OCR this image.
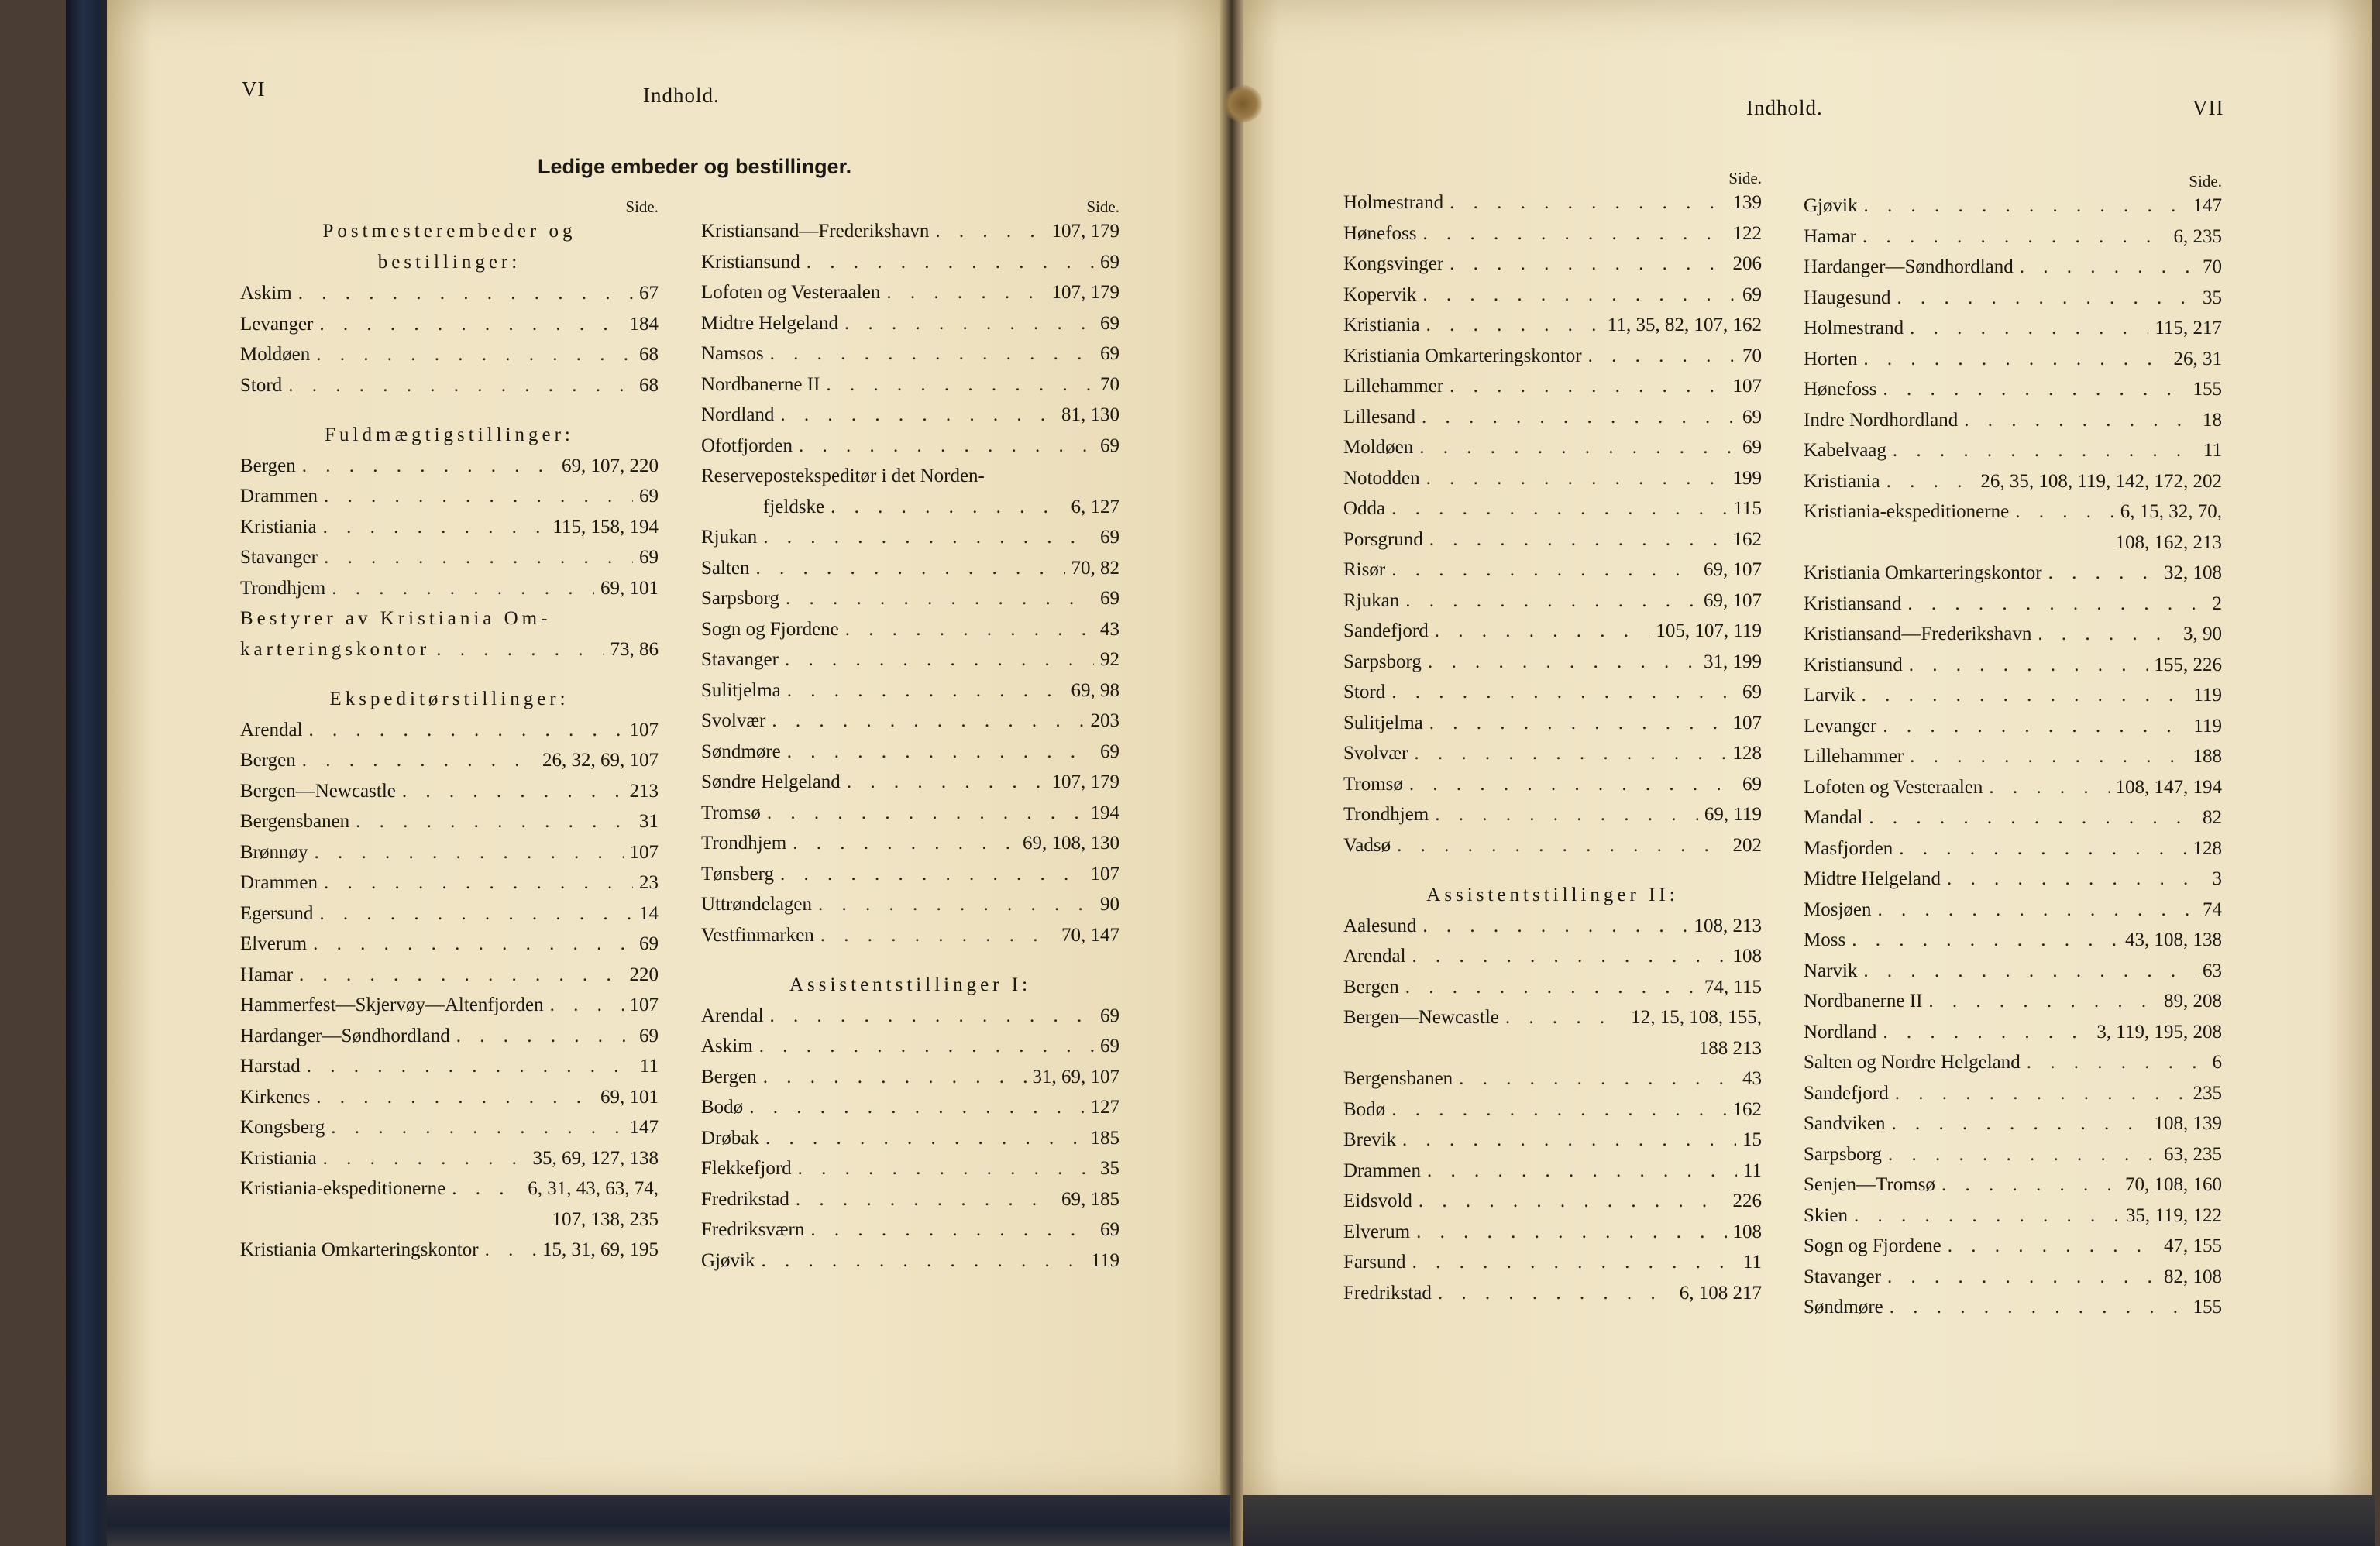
VI	Indhold.
Ledige embeder og bestillinger.
Side.
Postmesterembeder og bestillinger:
Askim . . .	67
Levanger . . .	184
Moldøen . . .	68
Stord . . .	68
Fuldmægtigstillinger:
Bergen . . .	69, 107, 220
Drammen . . .	69
Kristiania . . .	115, 158, 194
Stavanger . . .	69
Trondhjem . . .	69, 101
Bestyrer av Kristiania Om-
karteringskontor . . .	73, 86
Ekspeditørstillinger:
Arendal . . .	107
Bergen . . .	26, 32, 69, 107
Bergen—Newcastle . . .	213
Bergensbanen . . .	31
Brønnøy . . .	107
Drammen . . .	23
Egersund . . .	14
Elverum . . .	69
Hamar . . .	220
Hammerfest—Skjervøy—Altenfjorden . . .	107
Hardanger—Søndhordland . . .	69
Harstad . . .	11
Kirkenes . . .	69, 101
Kongsberg . . .	147
Kristiania . . .	35, 69, 127, 138
Kristiania-ekspeditionerne . . .	6, 31, 43, 63, 74,
107, 138, 235
Kristiania Omkarteringskontor . . .	15, 31, 69, 195
Side.
Kristiansand—Frederikshavn . . .	107, 179
Kristiansund . . .	69
Lofoten og Vesteraalen . . .	107, 179
Midtre Helgeland . . .	69
Namsos . . .	69
Nordbanerne II . . .	70
Nordland . . .	81, 130
Ofotfjorden . . .	69
Reservepostekspeditør i det Norden-
fjeldske . . .	6, 127
Rjukan . . .	69
Salten . . .	70, 82
Sarpsborg . . .	69
Sogn og Fjordene . . .	43
Stavanger . . .	92
Sulitjelma . . .	69, 98
Svolvær . . .	203
Søndmøre . . .	69
Søndre Helgeland . . .	107, 179
Tromsø . . .	194
Trondhjem . . .	69, 108, 130
Tønsberg . . .	107
Uttrøndelagen . . .	90
Vestfinmarken . . .	70, 147
Assistentstillinger I:
Arendal . . .	69
Askim . . .	69
Bergen . . .	31, 69, 107
Bodø . . .	127
Drøbak . . .	185
Flekkefjord . . .	35
Fredrikstad . . .	69, 185
Fredriksværn . . .	69
Gjøvik . . .	119
Indhold.	VII
Side.
Holmestrand . . .	139
Hønefoss . . .	122
Kongsvinger . . .	206
Kopervik . . .	69
Kristiania . . .	11, 35, 82, 107, 162
Kristiania Omkarteringskontor . . .	70
Lillehammer . . .	107
Lillesand . . .	69
Moldøen . . .	69
Notodden . . .	199
Odda . . .	115
Porsgrund . . .	162
Risør . . .	69, 107
Rjukan . . .	69, 107
Sandefjord . . .	105, 107, 119
Sarpsborg . . .	31, 199
Stord . . .	69
Sulitjelma . . .	107
Svolvær . . .	128
Tromsø . . .	69
Trondhjem . . .	69, 119
Vadsø . . .	202
Assistentstillinger II:
Aalesund . . .	108, 213
Arendal . . .	108
Bergen . . .	74, 115
Bergen—Newcastle . . .	12, 15, 108, 155,
188 213
Bergensbanen . . .	43
Bodø . . .	162
Brevik . . .	15
Drammen . . .	11
Eidsvold . . .	226
Elverum . . .	108
Farsund . . .	11
Fredrikstad . . .	6, 108 217
Side.
Gjøvik . . .	147
Hamar . . .	6, 235
Hardanger—Søndhordland . . .	70
Haugesund . . .	35
Holmestrand . . .	115, 217
Horten . . .	26, 31
Hønefoss . . .	155
Indre Nordhordland . . .	18
Kabelvaag . . .	11
Kristiania . . .	26, 35, 108, 119, 142, 172, 202
Kristiania-ekspeditionerne . . .	6, 15, 32, 70,
108, 162, 213
Kristiania Omkarteringskontor . . .	32, 108
Kristiansand . . .	2
Kristiansand—Frederikshavn . . .	3, 90
Kristiansund . . .	155, 226
Larvik . . .	119
Levanger . . .	119
Lillehammer . . .	188
Lofoten og Vesteraalen . . .	108, 147, 194
Mandal . . .	82
Masfjorden . . .	128
Midtre Helgeland . . .	3
Mosjøen . . .	74
Moss . . .	43, 108, 138
Narvik . . .	63
Nordbanerne II . . .	89, 208
Nordland . . .	3, 119, 195, 208
Salten og Nordre Helgeland . . .	6
Sandefjord . . .	235
Sandviken . . .	108, 139
Sarpsborg . . .	63, 235
Senjen—Tromsø . . .	70, 108, 160
Skien . . .	35, 119, 122
Sogn og Fjordene . . .	47, 155
Stavanger . . .	82, 108
Søndmøre . . .	155
